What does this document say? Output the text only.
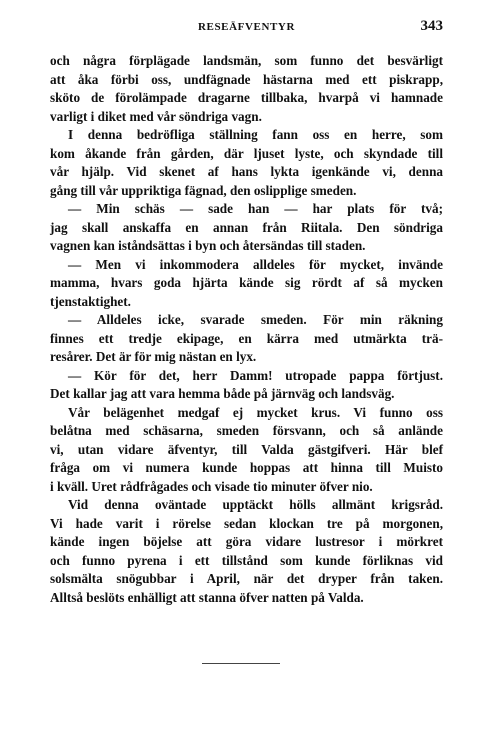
RESEÄFVENTYR	343
och några förplägade landsmän, som funno det besvärligt
att åka förbi oss, undfägnade hästarna med ett piskrapp,
sköto de förolämpade dragarne tillbaka, hvarpå vi hamnade
varligt i diket med vår söndriga vagn.
I denna bedröfliga ställning fann oss en herre, som
kom åkande från gården, där ljuset lyste, och skyndade till
vår hjälp. Vid skenet af hans lykta igenkände vi, denna
gång till vår uppriktiga fägnad, den oslipplige smeden.
— Min schäs — sade han — har plats för två;
jag skall anskaffa en annan från Riitala. Den söndriga
vagnen kan iståndsättas i byn och återsändas till staden.
— Men vi inkommodera alldeles för mycket, invände
mamma, hvars goda hjärta kände sig rördt af så mycken
tjenstaktighet.
— Alldeles icke, svarade smeden. För min räkning
finnes ett tredje ekipage, en kärra med utmärkta trä-
resårer. Det är för mig nästan en lyx.
— Kör för det, herr Damm! utropade pappa förtjust.
Det kallar jag att vara hemma både på järnväg och landsväg.
Vår belägenhet medgaf ej mycket krus. Vi funno oss
belåtna med schäsarna, smeden försvann, och så anlände
vi, utan vidare äfventyr, till Valda gästgifveri. Här blef
fråga om vi numera kunde hoppas att hinna till Muisto
i kväll. Uret rådfrågades och visade tio minuter öfver nio.
Vid denna oväntade upptäckt hölls allmänt krigsråd.
Vi hade varit i rörelse sedan klockan tre på morgonen,
kände ingen böjelse att göra vidare lustresor i mörkret
och funno pyrena i ett tillstånd som kunde förliknas vid
solsmälta snögubbar i April, när det dryper från taken.
Alltså beslöts enhälligt att stanna öfver natten på Valda.
